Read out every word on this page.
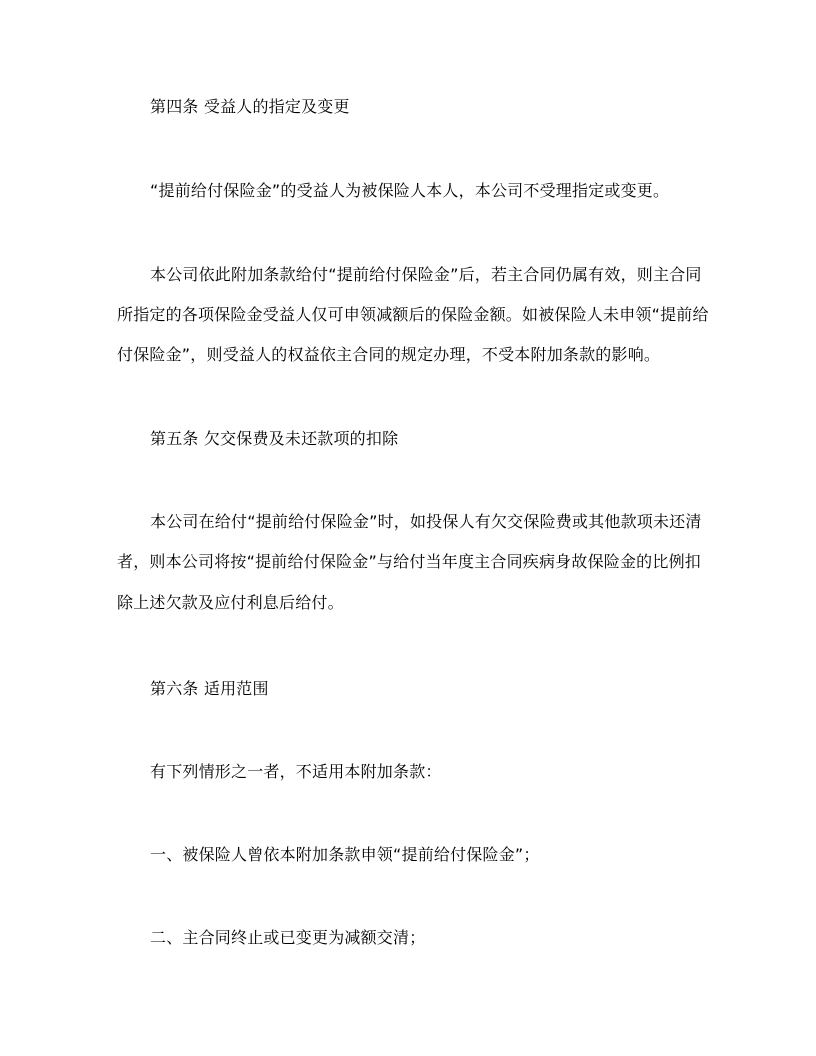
第四条 受益人的指定及变更
“提前给付保险金”的受益人为被保险人本人，本公司不受理指定或变更。
本公司依此附加条款给付“提前给付保险金”后，若主合同仍属有效，则主合同
所指定的各项保险金受益人仅可申领减额后的保险金额。如被保险人未申领“提前给
付保险金”，则受益人的权益依主合同的规定办理，不受本附加条款的影响。
第五条 欠交保费及未还款项的扣除
本公司在给付“提前给付保险金”时，如投保人有欠交保险费或其他款项未还清
者，则本公司将按“提前给付保险金”与给付当年度主合同疾病身故保险金的比例扣
除上述欠款及应付利息后给付。
第六条 适用范围
有下列情形之一者，不适用本附加条款：
一、被保险人曾依本附加条款申领“提前给付保险金”；
二、主合同终止或已变更为减额交清；
